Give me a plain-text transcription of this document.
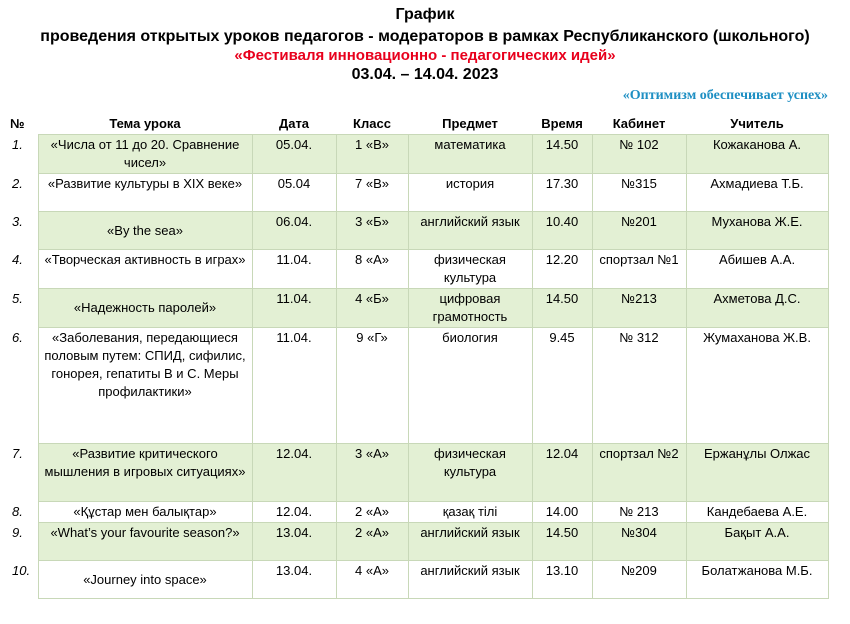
График
проведения открытых уроков педагогов - модераторов в рамках Республиканского (школьного)
«Фестиваля инновационно - педагогических идей»
03.04. – 14.04. 2023
«Оптимизм обеспечивает успех»
№	Тема урока	Дата	Класс	Предмет	Время	Кабинет	Учитель
1.	«Числа от 11 до 20. Сравнение чисел»	05.04.	1 «В»	математика	14.50	№ 102	Кожаканова А.
2.	«Развитие культуры в XIX веке»	05.04	7 «В»	история	17.30	№315	Ахмадиева Т.Б.
3.	«By the sea»	06.04.	3 «Б»	английский язык	10.40	№201	Муханова Ж.Е.
4.	«Творческая активность в играх»	11.04.	8 «А»	физическая культура	12.20	спортзал №1	Абишев А.А.
5.	«Надежность паролей»	11.04.	4 «Б»	цифровая грамотность	14.50	№213	Ахметова Д.С.
6.	«Заболевания, передающиеся половым путем: СПИД, сифилис, гонорея, гепатиты В и С. Меры профилактики»	11.04.	9 «Г»	биология	9.45	№ 312	Жумаханова Ж.В.
7.	«Развитие критического мышления в игровых ситуациях»	12.04.	3 «А»	физическая культура	12.04	спортзал №2	Ержанұлы Олжас
8.	«Құстар мен балықтар»	12.04.	2 «А»	қазақ тілі	14.00	№ 213	Кандебаева А.Е.
9.	«What’s your favourite season?»	13.04.	2 «А»	английский язык	14.50	№304	Бақыт А.А.
10.	«Journey into space»	13.04.	4 «А»	английский язык	13.10	№209	Болатжанова М.Б.
